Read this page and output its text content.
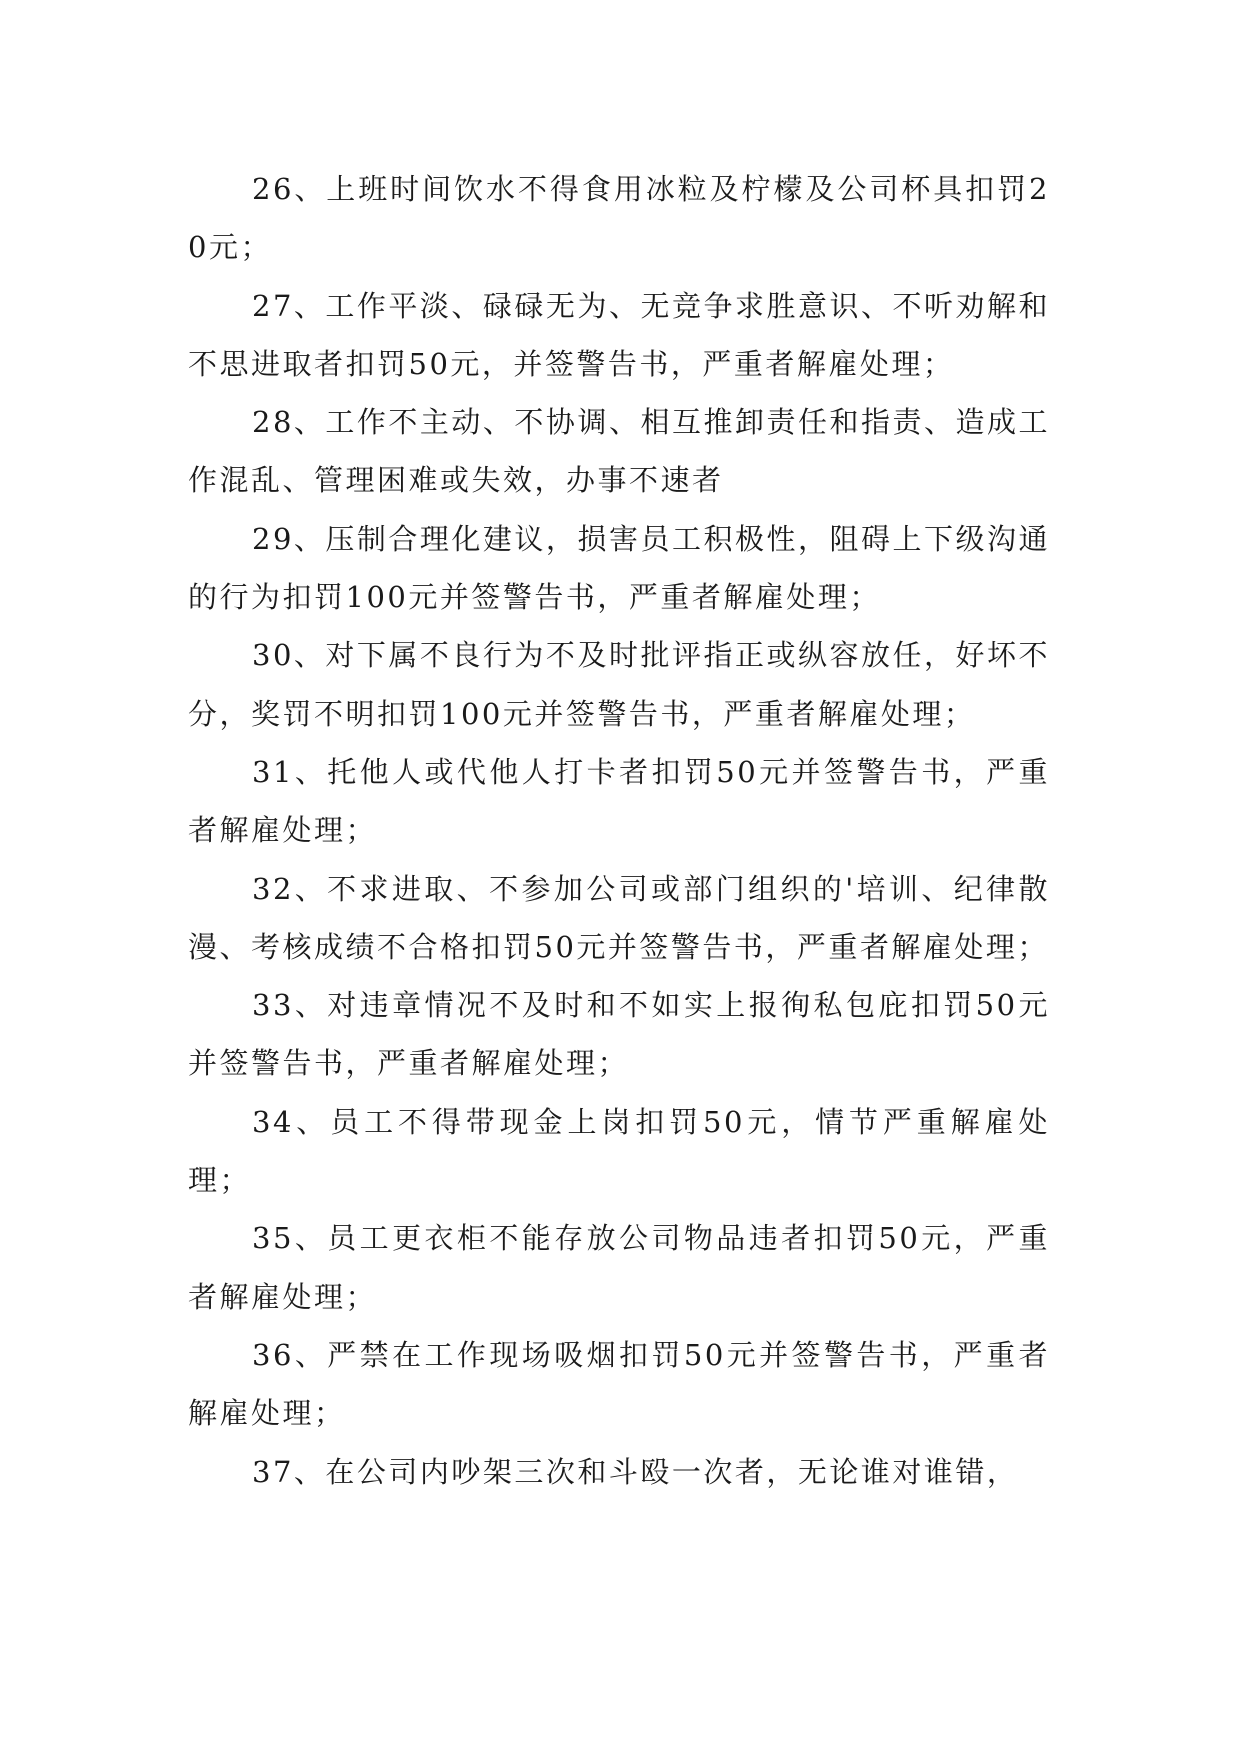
26、上班时间饮水不得食用冰粒及柠檬及公司杯具扣罚20元；

27、工作平淡、碌碌无为、无竞争求胜意识、不听劝解和不思进取者扣罚50元，并签警告书，严重者解雇处理；

28、工作不主动、不协调、相互推卸责任和指责、造成工作混乱、管理困难或失效，办事不速者

29、压制合理化建议，损害员工积极性，阻碍上下级沟通的行为扣罚100元并签警告书，严重者解雇处理；

30、对下属不良行为不及时批评指正或纵容放任，好坏不分，奖罚不明扣罚100元并签警告书，严重者解雇处理；

31、托他人或代他人打卡者扣罚50元并签警告书，严重者解雇处理；

32、不求进取、不参加公司或部门组织的'培训、纪律散漫、考核成绩不合格扣罚50元并签警告书，严重者解雇处理；

33、对违章情况不及时和不如实上报徇私包庇扣罚50元并签警告书，严重者解雇处理；

34、员工不得带现金上岗扣罚50元，情节严重解雇处理；

35、员工更衣柜不能存放公司物品违者扣罚50元，严重者解雇处理；

36、严禁在工作现场吸烟扣罚50元并签警告书，严重者解雇处理；

37、在公司内吵架三次和斗殴一次者，无论谁对谁错，
